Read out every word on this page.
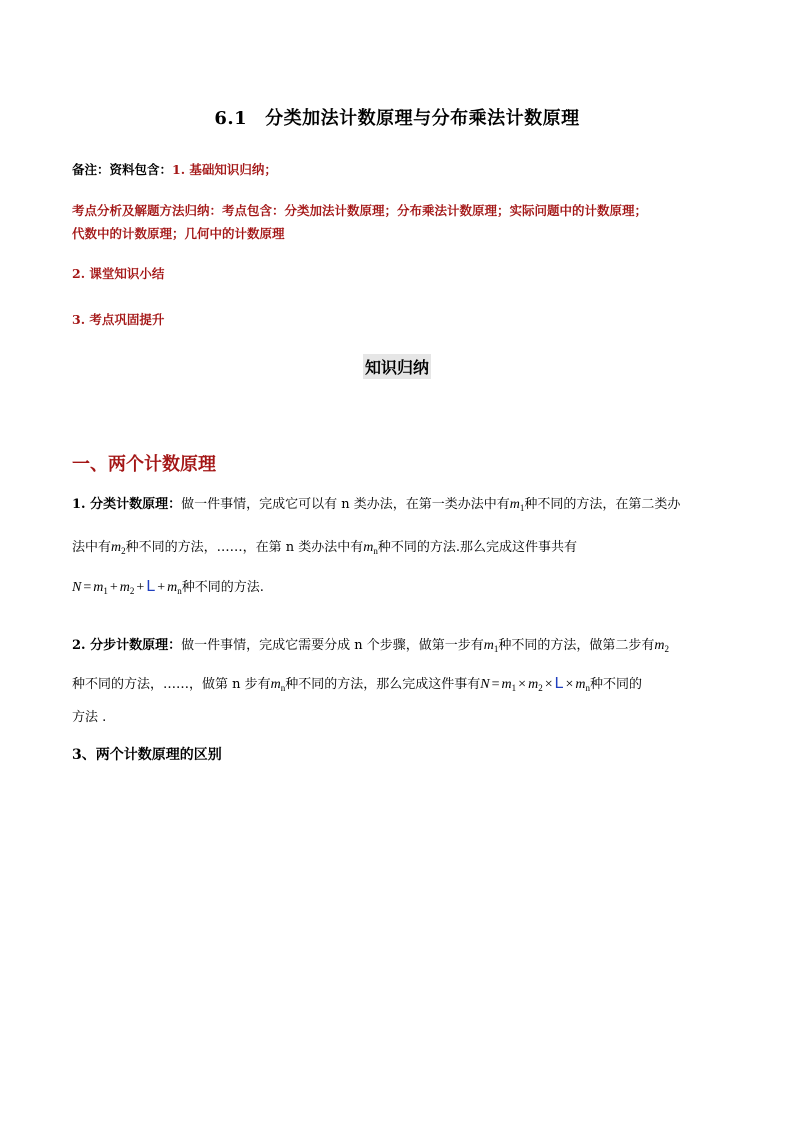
6.1 分类加法计数原理与分布乘法计数原理
备注：资料包含：1. 基础知识归纳；
考点分析及解题方法归纳：考点包含：分类加法计数原理；分布乘法计数原理；实际问题中的计数原理；
代数中的计数原理；几何中的计数原理
2. 课堂知识小结
3. 考点巩固提升
知识归纳
一、两个计数原理
1. 分类计数原理：做一件事情，完成它可以有 n 类办法，在第一类办法中有$m_1$种不同的方法，在第二类办
法中有$m_2$种不同的方法，……，在第 n 类办法中有$m_n$种不同的方法.那么完成这件事共有
$N = m_1 + m_2 + L + m_n$种不同的方法.
2. 分步计数原理：做一件事情，完成它需要分成 n 个步骤，做第一步有$m_1$种不同的方法，做第二步有$m_2$
种不同的方法，……，做第 n 步有$m_n$种不同的方法，那么完成这件事有$N = m_1 \times m_2 \times L \times m_n$种不同的
方法 .
3、两个计数原理的区别
